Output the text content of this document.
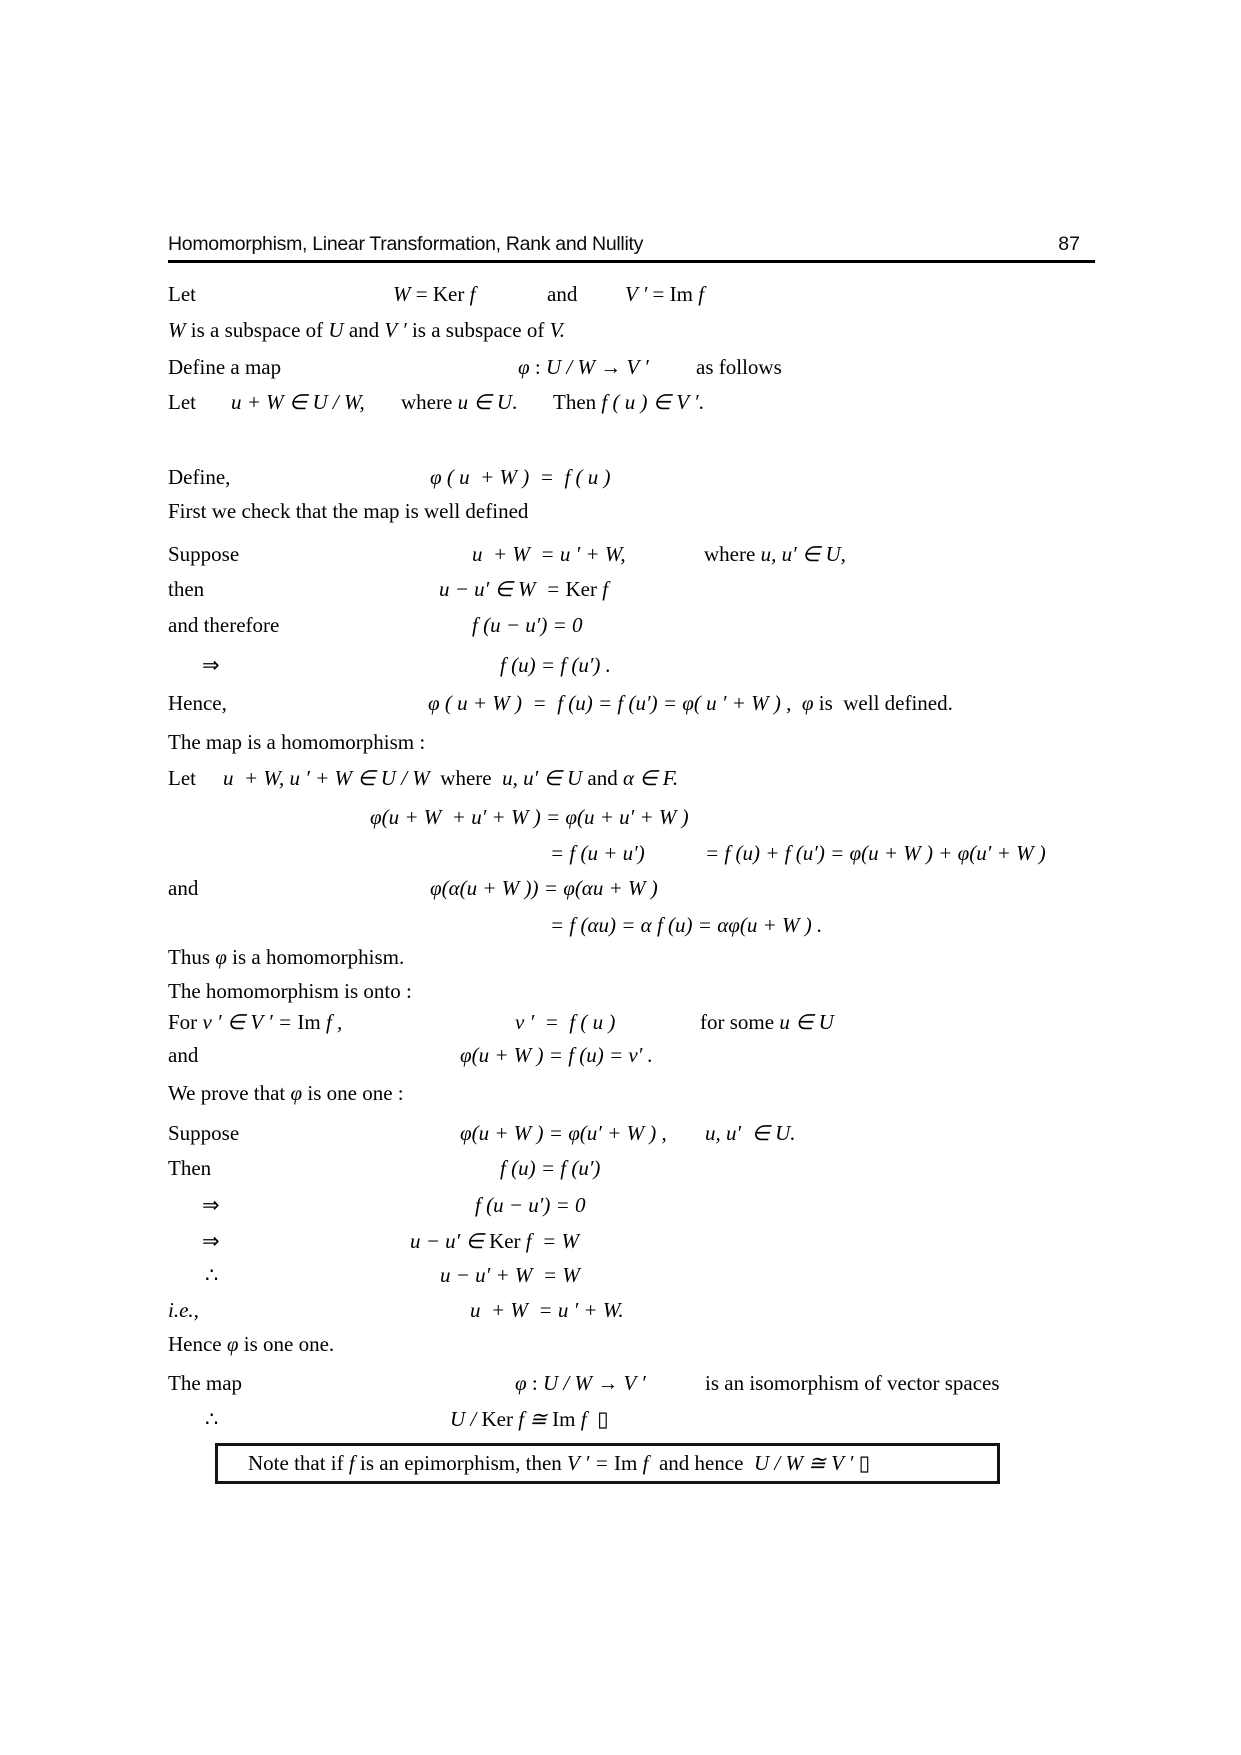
Homomorphism, Linear Transformation, Rank and Nullity	87
Let	W = Ker f	and V ′ = Im f
W is a subspace of U and V ′ is a subspace of V.
Define a map	φ : U / W → V ′ as follows
Let u + W ∈ U / W, where u ∈ U. Then f ( u ) ∈ V ′.
Define,	φ ( u  + W )  =  f ( u )
First we check that the map is well defined
Suppose	u  + W  = u ′ + W,	where u, u′ ∈ U,
then	u − u′ ∈ W  = Ker f
and therefore	f (u − u′) = 0
⇒	f (u) = f (u′) .
Hence,	φ ( u + W )  =  f (u) = f (u′) = φ( u ′ + W ) ,  φ is  well defined.
The map is a homomorphism :
Let u  + W, u ′ + W ∈ U / W  where  u, u′ ∈ U and α ∈ F.
φ(u + W  + u′ + W ) = φ(u + u′ + W )
= f (u + u′)	= f (u) + f (u′) = φ(u + W ) + φ(u′ + W )
and	φ(α(u + W )) = φ(αu + W )
= f (αu) = α f (u) = αφ(u + W ) .
Thus φ is a homomorphism.
The homomorphism is onto :
For v ′ ∈ V ′ = Im f ,	v ′  =  f ( u )	for some u ∈ U
and	φ(u + W ) = f (u) = v′ .
We prove that φ is one one :
Suppose	φ(u + W ) = φ(u′ + W ) , u, u′  ∈ U.
Then	f (u) = f (u′)
⇒	f (u − u′) = 0
⇒	u − u′ ∈ Ker f  = W
∴	u − u′ + W  = W
i.e.,	u  + W  = u ′ + W.
Hence φ is one one.
The map	φ : U / W → V ′	is an isomorphism of vector spaces
∴	U / Ker f ≅ Im f  ▯
Note that if f is an epimorphism, then V ′ = Im f  and hence  U / W ≅ V ′ ▯
